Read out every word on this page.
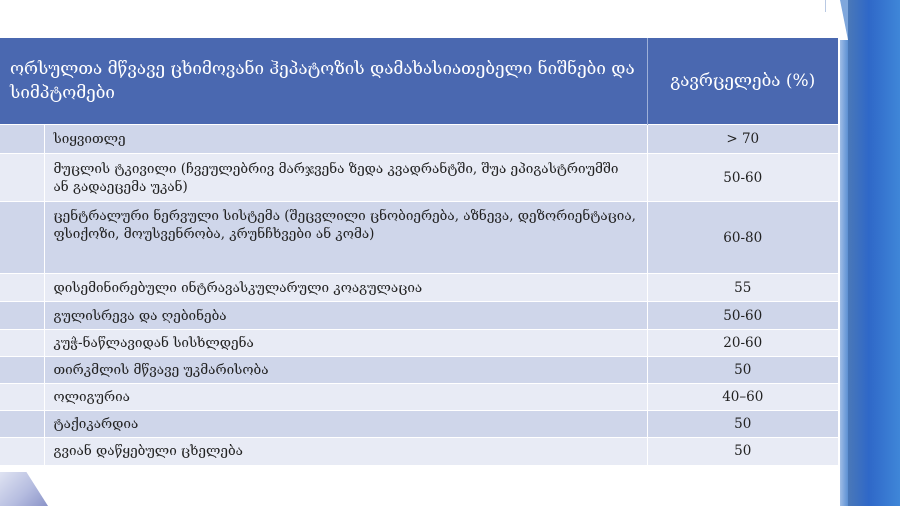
ორსულთა მწვავე ცხიმოვანი ჰეპატოზის დამახასიათებელი ნიშნები და სიმპტომები		გავრცელება (%)
	სიყვითლე	> 70
	მუცლის ტკივილი (ჩვეულებრივ მარჯვენა ზედა კვადრანტში, შუა ეპიგასტრიუმში ან გადაეცემა უკან)	50-60
	ცენტრალური ნერვული სისტემა (შეცვლილი ცნობიერება, აზნევა, დეზორიენტაცია, ფსიქოზი, მოუსვენრობა, კრუნჩხვები ან კომა)	60-80
	დისემინირებული ინტრავასკულარული კოაგულაცია	55
	გულისრევა და ღებინება	50-60
	კუჭ-ნაწლავიდან სისხლდენა	20-60
	თირკმლის მწვავე უკმარისობა	50
	ოლიგურია	40–60
	ტაქიკარდია	50
	გვიან დაწყებული ცხელება	50
